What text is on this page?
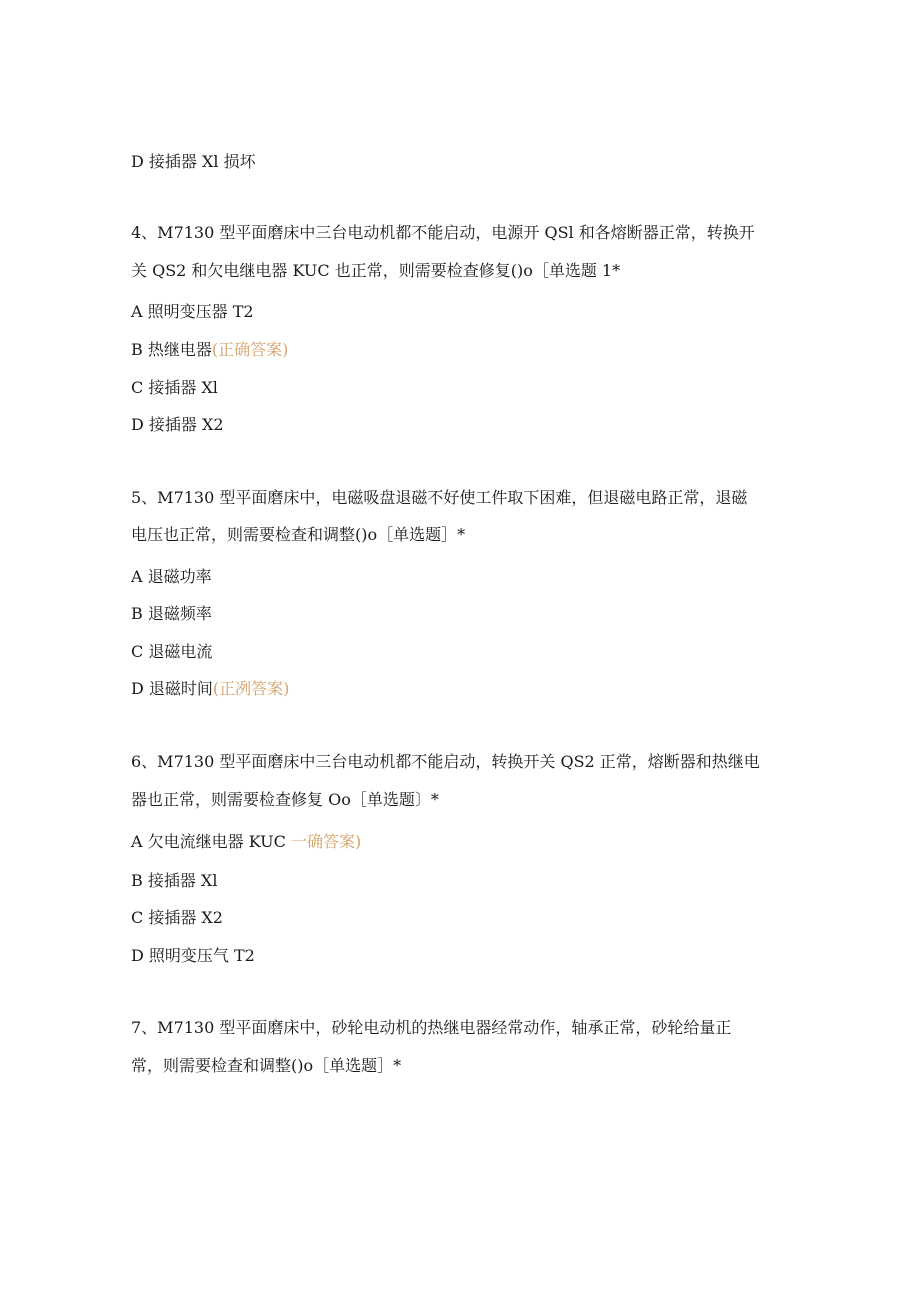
D 接插器 Xl 损坏
4、M7130 型平面磨床中三台电动机都不能启动，电源开 QSl 和各熔断器正常，转换开
关 QS2 和欠电继电器 KUC 也正常，则需要检查修复()o［单选题 1*
A 照明变压器 T2
B 热继电器(正确答案)
C 接插器 Xl
D 接插器 X2
5、M7130 型平面磨床中，电磁吸盘退磁不好使工件取下困难，但退磁电路正常，退磁
电压也正常，则需要检查和调整()o［单选题］*
A 退磁功率
B 退磁频率
C 退磁电流
D 退磁时间(正冽答案)
6、M7130 型平面磨床中三台电动机都不能启动，转换开关 QS2 正常，熔断器和热继电
器也正常，则需要检查修复 Oo［单选题〕*
A 欠电流继电器 KUC 一确答案)
B 接插器 Xl
C 接插器 X2
D 照明变压气 T2
7、M7130 型平面磨床中，砂轮电动机的热继电器经常动作，轴承正常，砂轮给量正
常，则需要检查和调整()o［单选题］*
